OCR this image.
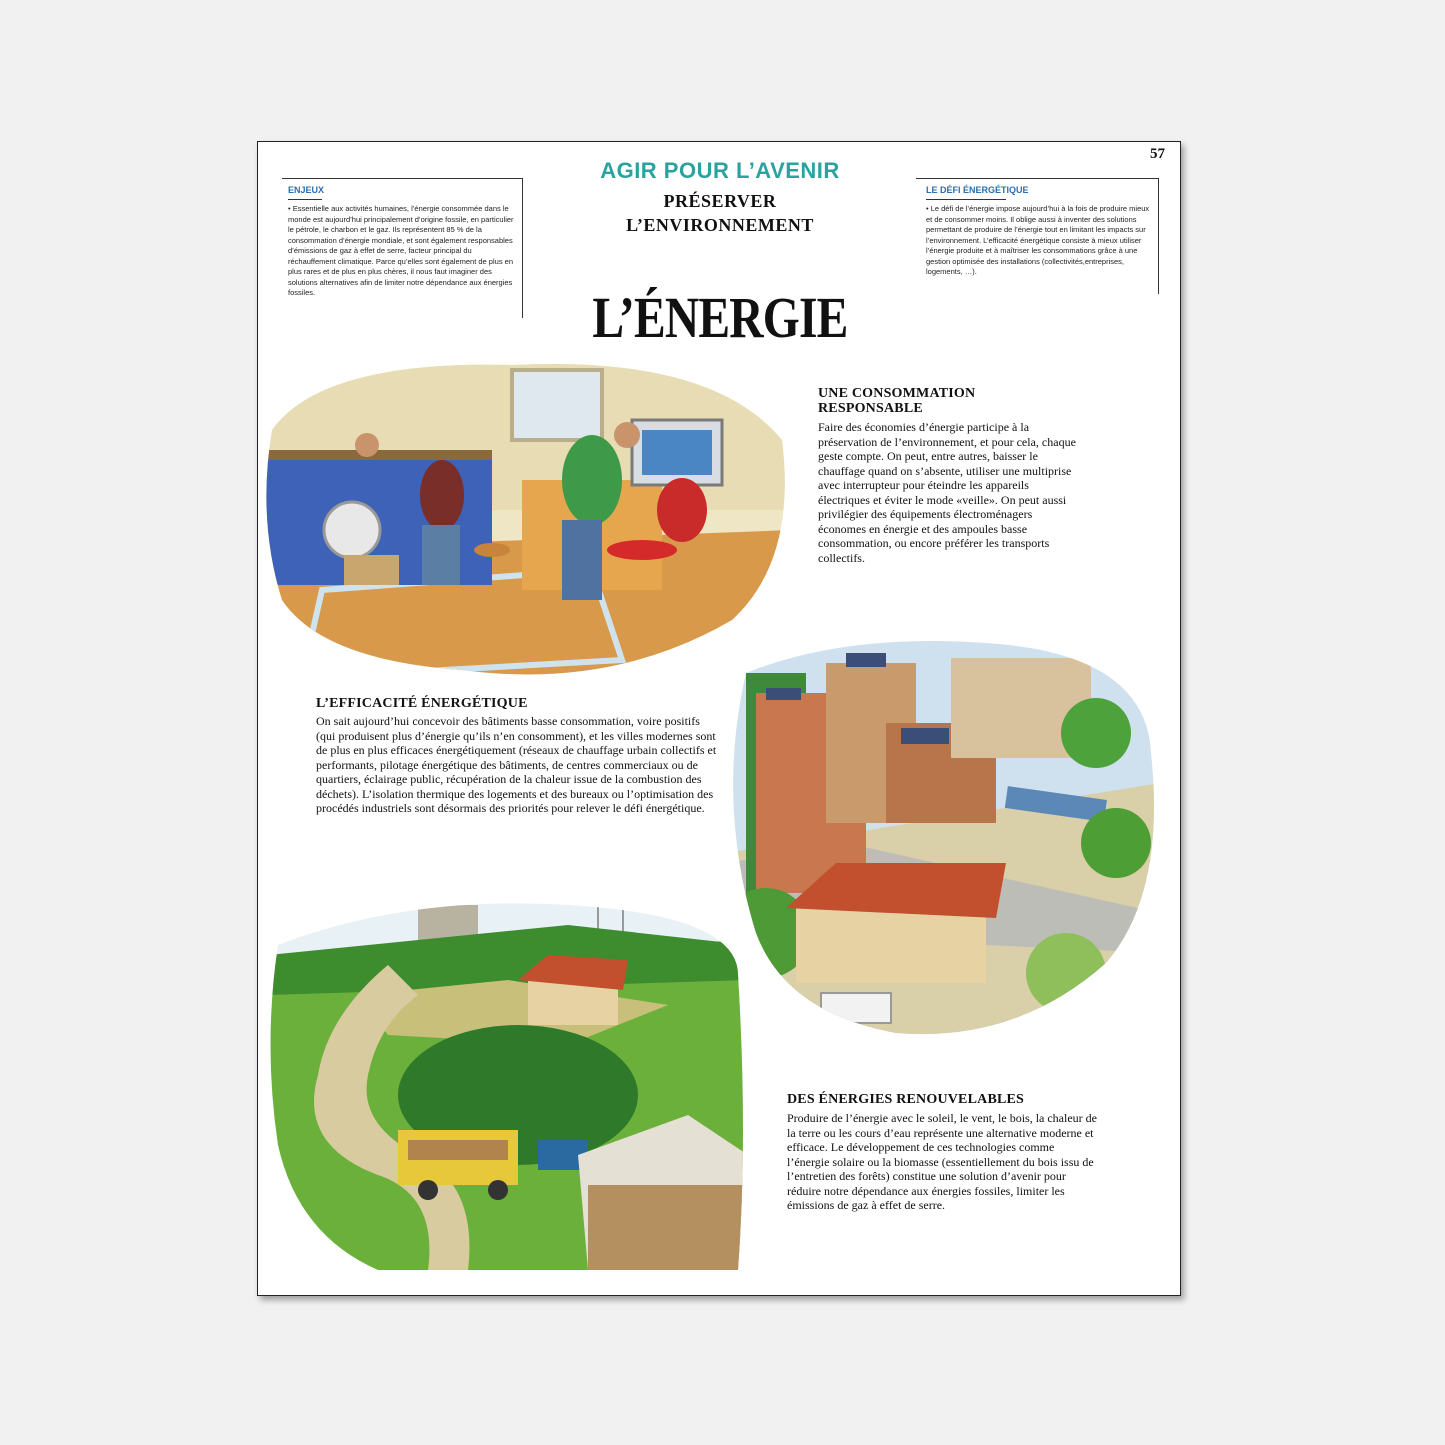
57
AGIR POUR L’AVENIR
PRÉSERVER
L’ENVIRONNEMENT
L’ÉNERGIE
ENJEUX
• Essentielle aux activités humaines, l’énergie consommée dans le monde est aujourd’hui principalement d’origine fossile, en particulier le pétrole, le charbon et le gaz. Ils représentent 85 % de la consommation d’énergie mondiale, et sont également responsables d’émissions de gaz à effet de serre, facteur principal du réchauffement climatique. Parce qu’elles sont également de plus en plus rares et de plus en plus chères, il nous faut imaginer des solutions alternatives afin de limiter notre dépendance aux énergies fossiles.
LE DÉFI ÉNERGÉTIQUE
• Le défi de l’énergie impose aujourd’hui à la fois de produire mieux et de consommer moins. Il oblige aussi à inventer des solutions permettant de produire de l’énergie tout en limitant les impacts sur l’environnement. L’efficacité énergétique consiste à mieux utiliser l’énergie produite et à maîtriser les consommations grâce à une gestion optimisée des installations (collectivités,entreprises, logements, …).
UNE CONSOMMATION RESPONSABLE
Faire des économies d’énergie participe à la préservation de l’environnement, et pour cela, chaque geste compte. On peut, entre autres, baisser le chauffage quand on s’absente, utiliser une multiprise avec interrupteur pour éteindre les appareils électriques et éviter le mode «veille». On peut aussi privilégier des équipements électroménagers économes en énergie et des ampoules basse consommation, ou encore préférer les transports collectifs.
L’EFFICACITÉ ÉNERGÉTIQUE
On sait aujourd’hui concevoir des bâtiments basse consommation, voire positifs (qui produisent plus d’énergie qu’ils n’en consomment), et les villes modernes sont de plus en plus efficaces énergétiquement (réseaux de chauffage urbain collectifs et performants, pilotage énergétique des bâtiments, de centres commerciaux ou de quartiers, éclairage public, récupération de la chaleur issue de la combustion des déchets). L’isolation thermique des logements et des bureaux ou l’optimisation des procédés industriels sont désormais des priorités pour relever le défi énergétique.
DES ÉNERGIES RENOUVELABLES
Produire de l’énergie avec le soleil, le vent, le bois, la chaleur de la terre ou les cours d’eau représente une alternative moderne et efficace. Le développement de ces technologies comme l’énergie solaire ou la biomasse (essentiellement du bois issu de l’entretien des forêts) constitue une solution d’avenir pour réduire notre dépendance aux énergies fossiles, limiter les émissions de gaz à effet de serre.
